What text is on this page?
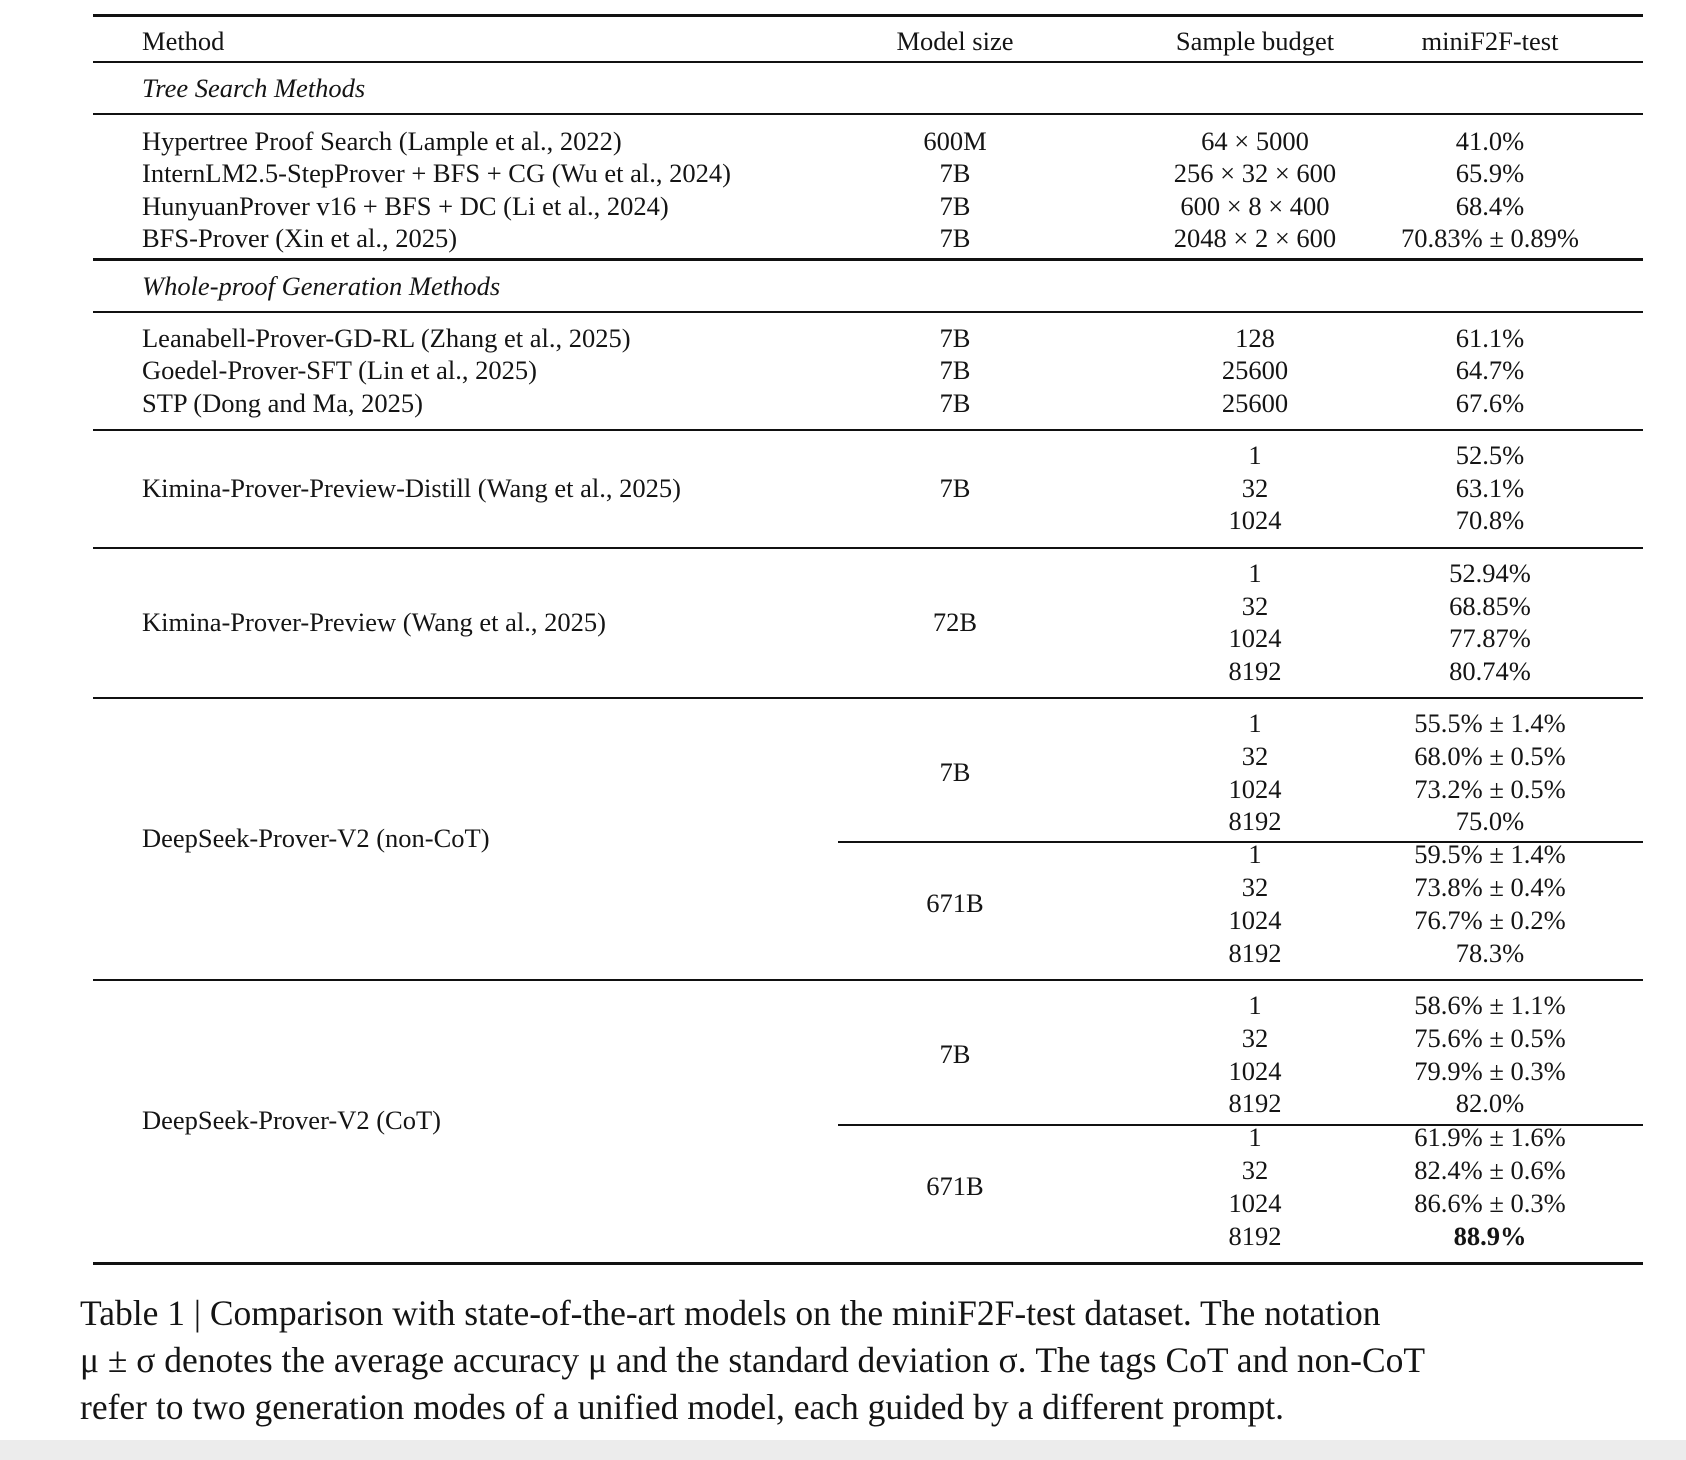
Method	Model size	Sample budget	miniF2F-test
Tree Search Methods
Hypertree Proof Search (Lample et al., 2022)	600M	64 × 5000	41.0%
InternLM2.5-StepProver + BFS + CG (Wu et al., 2024)	7B	256 × 32 × 600	65.9%
HunyuanProver v16 + BFS + DC (Li et al., 2024)	7B	600 × 8 × 400	68.4%
BFS-Prover (Xin et al., 2025)	7B	2048 × 2 × 600	70.83% ± 0.89%
Whole-proof Generation Methods
Leanabell-Prover-GD-RL (Zhang et al., 2025)	7B	128	61.1%
Goedel-Prover-SFT (Lin et al., 2025)	7B	25600	64.7%
STP (Dong and Ma, 2025)	7B	25600	67.6%
Kimina-Prover-Preview-Distill (Wang et al., 2025)	7B
1	52.5%
32	63.1%
1024	70.8%
Kimina-Prover-Preview (Wang et al., 2025)	72B
1	52.94%
32	68.85%
1024	77.87%
8192	80.74%
DeepSeek-Prover-V2 (non-CoT)
7B
1	55.5% ± 1.4%
32	68.0% ± 0.5%
1024	73.2% ± 0.5%
8192	75.0%
671B
1	59.5% ± 1.4%
32	73.8% ± 0.4%
1024	76.7% ± 0.2%
8192	78.3%
DeepSeek-Prover-V2 (CoT)
7B
1	58.6% ± 1.1%
32	75.6% ± 0.5%
1024	79.9% ± 0.3%
8192	82.0%
671B
1	61.9% ± 1.6%
32	82.4% ± 0.6%
1024	86.6% ± 0.3%
8192	88.9%
Table 1 | Comparison with state-of-the-art models on the miniF2F-test dataset. The notation
μ ± σ denotes the average accuracy μ and the standard deviation σ. The tags CoT and non-CoT
refer to two generation modes of a unified model, each guided by a different prompt.
